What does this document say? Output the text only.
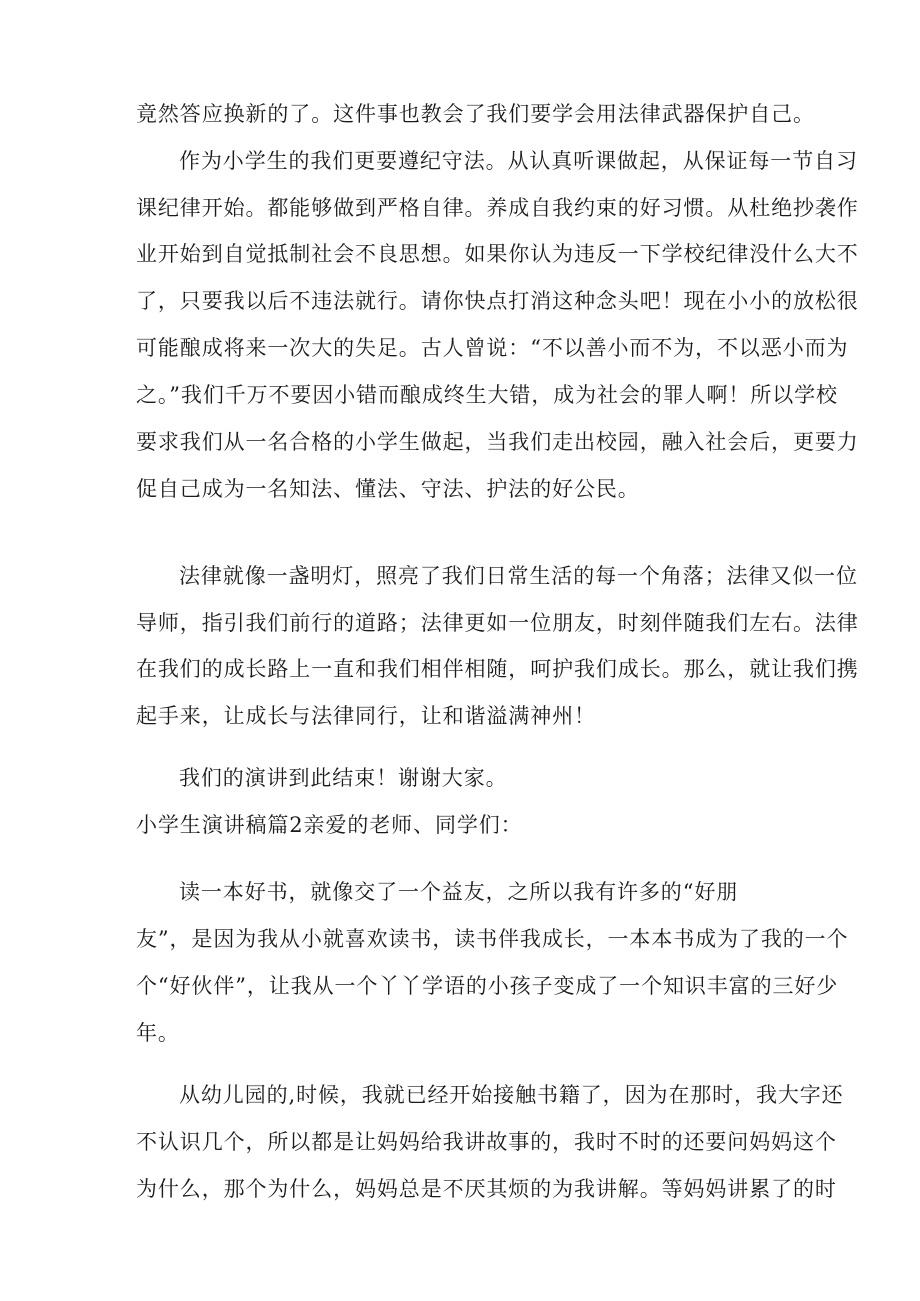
竟然答应换新的了。这件事也教会了我们要学会用法律武器保护自己。

作为小学生的我们更要遵纪守法。从认真听课做起，从保证每一节自习

课纪律开始。都能够做到严格自律。养成自我约束的好习惯。从杜绝抄袭作

业开始到自觉抵制社会不良思想。如果你认为违反一下学校纪律没什么大不

了，只要我以后不违法就行。请你快点打消这种念头吧！现在小小的放松很

可能酿成将来一次大的失足。古人曾说：“不以善小而不为，不以恶小而为

之。”我们千万不要因小错而酿成终生大错，成为社会的罪人啊！所以学校

要求我们从一名合格的小学生做起，当我们走出校园，融入社会后，更要力

促自己成为一名知法、懂法、守法、护法的好公民。

法律就像一盏明灯，照亮了我们日常生活的每一个角落；法律又似一位

导师，指引我们前行的道路；法律更如一位朋友，时刻伴随我们左右。法律

在我们的成长路上一直和我们相伴相随，呵护我们成长。那么，就让我们携

起手来，让成长与法律同行，让和谐溢满神州！

我们的演讲到此结束！谢谢大家。

小学生演讲稿篇2亲爱的老师、同学们：

读一本好书，就像交了一个益友，之所以我有许多的“好朋

友”，是因为我从小就喜欢读书，读书伴我成长，一本本书成为了我的一个

个“好伙伴”，让我从一个丫丫学语的小孩子变成了一个知识丰富的三好少

年。

从幼儿园的,时候，我就已经开始接触书籍了，因为在那时，我大字还

不认识几个，所以都是让妈妈给我讲故事的，我时不时的还要问妈妈这个

为什么，那个为什么，妈妈总是不厌其烦的为我讲解。等妈妈讲累了的时
